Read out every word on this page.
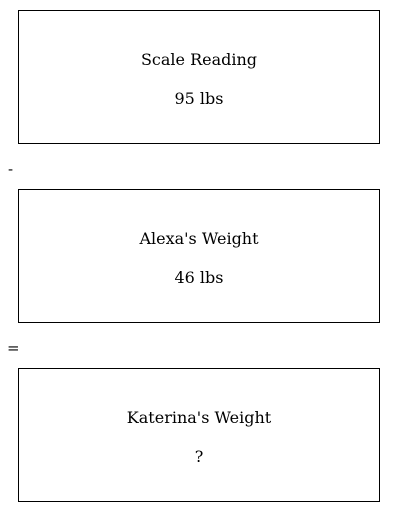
Scale Reading
95 lbs
-
Alexa's Weight
46 lbs
=
Katerina's Weight
?
